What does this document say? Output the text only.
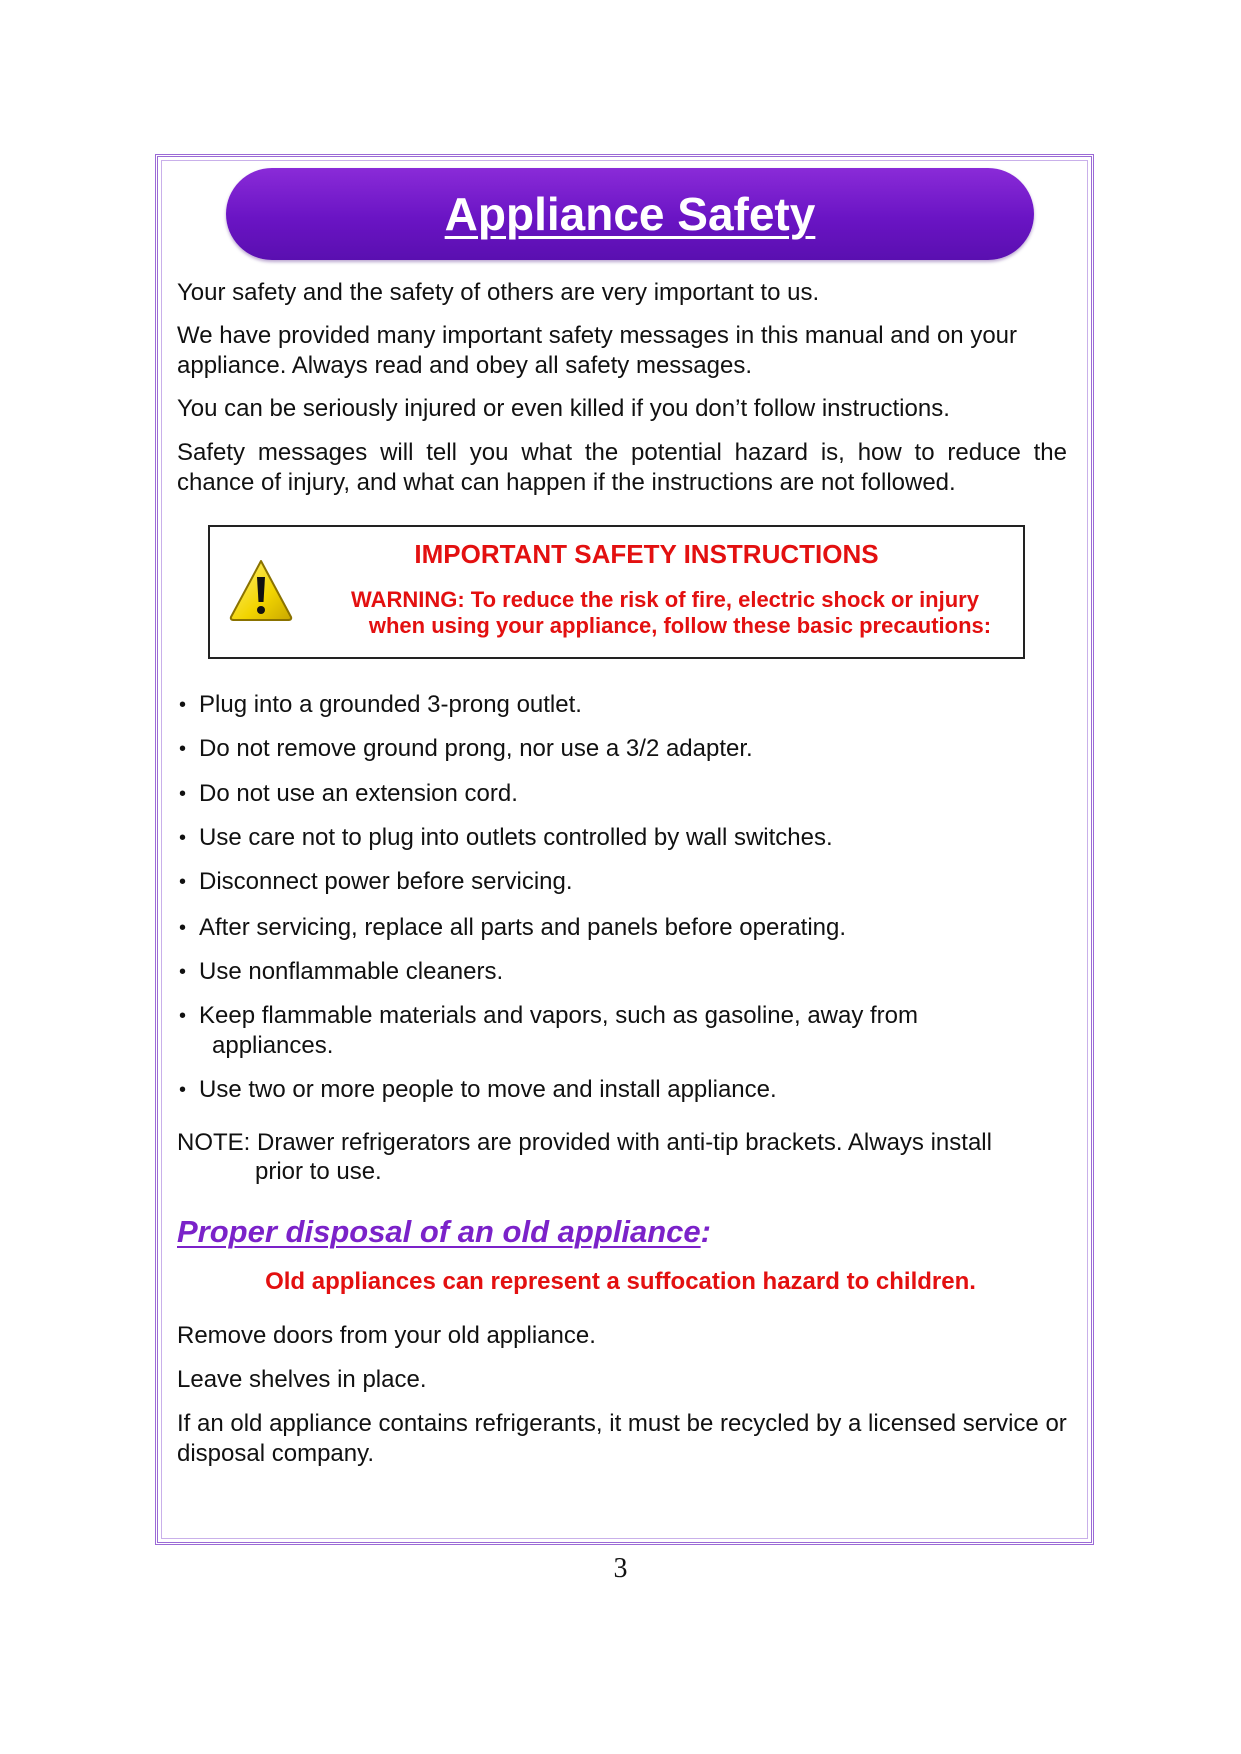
Appliance Safety

Your safety and the safety of others are very important to us.

We have provided many important safety messages in this manual and on your appliance. Always read and obey all safety messages.

You can be seriously injured or even killed if you don’t follow instructions.

Safety messages will tell you what the potential hazard is, how to reduce the chance of injury, and what can happen if the instructions are not followed.

IMPORTANT SAFETY INSTRUCTIONS

WARNING: To reduce the risk of fire, electric shock or injury
when using your appliance, follow these basic precautions:

• Plug into a grounded 3-prong outlet.
• Do not remove ground prong, nor use a 3/2 adapter.
• Do not use an extension cord.
• Use care not to plug into outlets controlled by wall switches.
• Disconnect power before servicing.
• After servicing, replace all parts and panels before operating.
• Use nonflammable cleaners.
• Keep flammable materials and vapors, such as gasoline, away from
appliances.
• Use two or more people to move and install appliance.

NOTE: Drawer refrigerators are provided with anti-tip brackets. Always install
prior to use.

Proper disposal of an old appliance:

Old appliances can represent a suffocation hazard to children.

Remove doors from your old appliance.

Leave shelves in place.

If an old appliance contains refrigerants, it must be recycled by a licensed service or disposal company.

3
